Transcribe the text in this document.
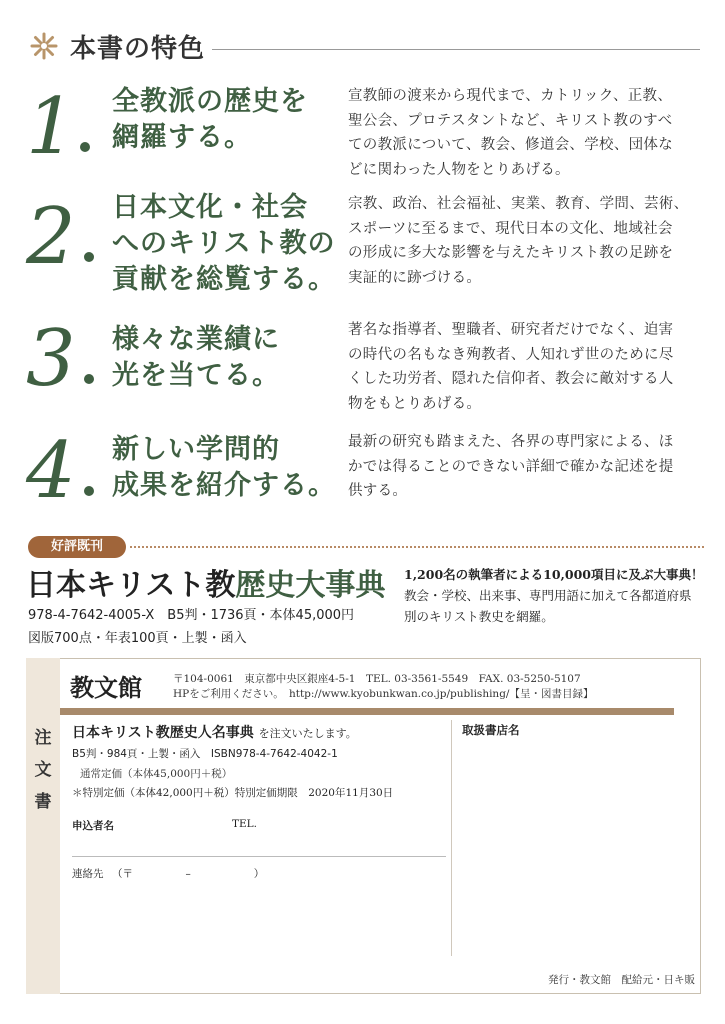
本書の特色
1 全教派の歴史を
網羅する。
宣教師の渡来から現代まで、カトリック、正教、
聖公会、プロテスタントなど、キリスト教のすべ
ての教派について、教会、修道会、学校、団体な
どに関わった人物をとりあげる。
2 日本文化・社会
へのキリスト教の
貢献を総覧する。
宗教、政治、社会福祉、実業、教育、学問、芸術、
スポーツに至るまで、現代日本の文化、地域社会
の形成に多大な影響を与えたキリスト教の足跡を
実証的に跡づける。
3 様々な業績に
光を当てる。
著名な指導者、聖職者、研究者だけでなく、迫害
の時代の名もなき殉教者、人知れず世のために尽
くした功労者、隠れた信仰者、教会に敵対する人
物をもとりあげる。
4 新しい学問的
成果を紹介する。
最新の研究も踏まえた、各界の専門家による、ほ
かでは得ることのできない詳細で確かな記述を提
供する。
好評既刊
日本キリスト教歴史大事典
978-4-7642-4005-X　B5判・1736頁・本体45,000円
図版700点・年表100頁・上製・函入
1,200名の執筆者による10,000項目に及ぶ大事典！
教会・学校、出来事、専門用語に加えて各都道府県
別のキリスト教史を網羅。
注
文
書
教文館	〒104-0061　東京都中央区銀座4-5-1　TEL. 03-3561-5549　FAX. 03-5250-5107
HPをご利用ください。　http://www.kyobunkwan.co.jp/publishing/【呈・図書目録】
日本キリスト教歴史人名事典 を注文いたします。
B5判・984頁・上製・函入　ISBN978-4-7642-4042-1
通常定価（本体45,000円＋税）
＊特別定価（本体42,000円＋税）特別定価期限　2020年11月30日
取扱書店名
申込者名	TEL.
連絡先 （〒　　　　　–　　　　　　）
発行・教文館　配給元・日キ販
